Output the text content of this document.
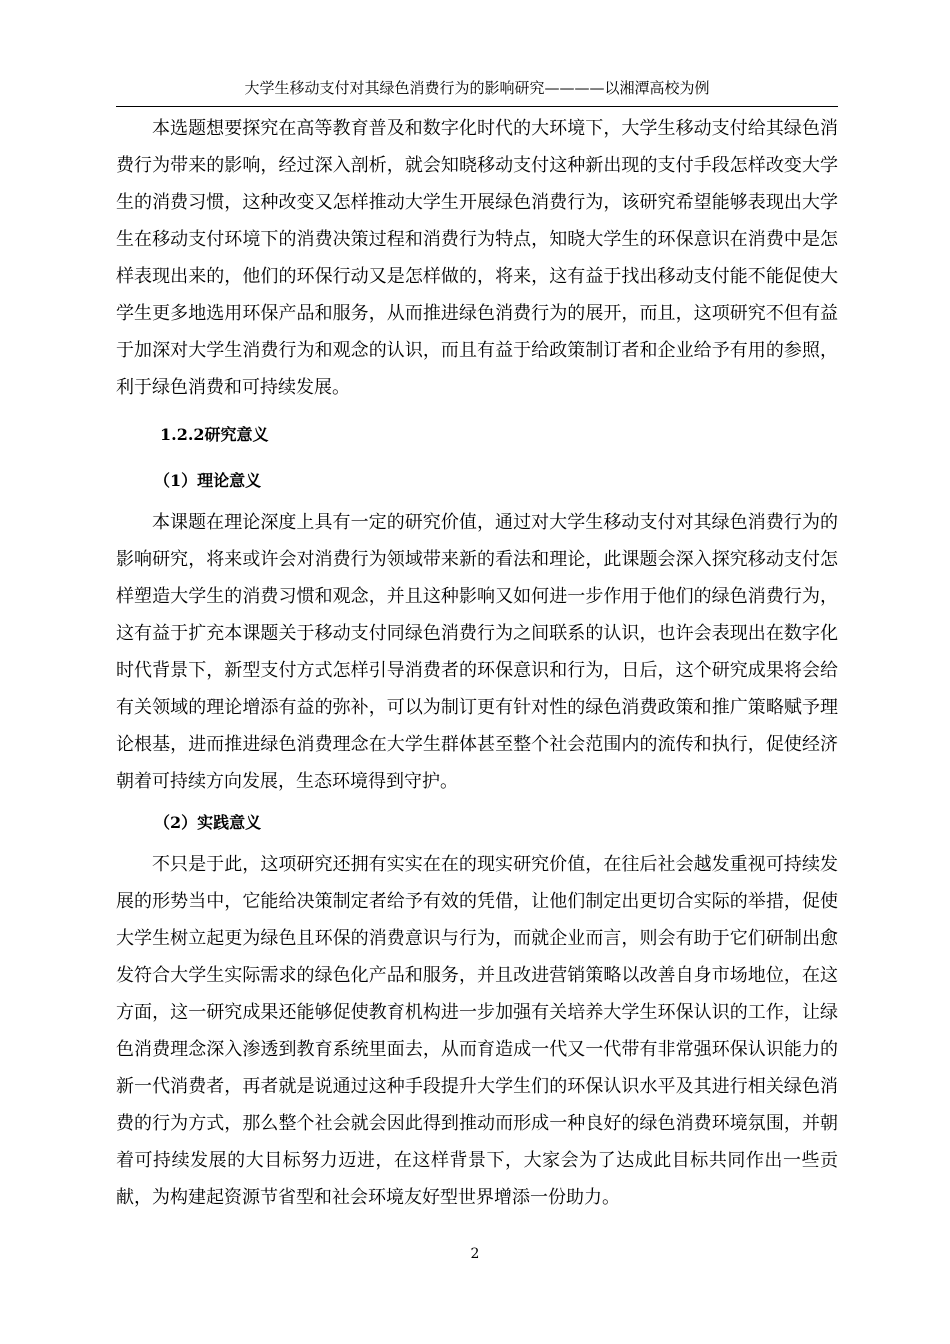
大学生移动支付对其绿色消费行为的影响研究————以湘潭高校为例

本选题想要探究在高等教育普及和数字化时代的大环境下，大学生移动支付给其绿色消费行为带来的影响，经过深入剖析，就会知晓移动支付这种新出现的支付手段怎样改变大学生的消费习惯，这种改变又怎样推动大学生开展绿色消费行为，该研究希望能够表现出大学生在移动支付环境下的消费决策过程和消费行为特点，知晓大学生的环保意识在消费中是怎样表现出来的，他们的环保行动又是怎样做的，将来，这有益于找出移动支付能不能促使大学生更多地选用环保产品和服务，从而推进绿色消费行为的展开，而且，这项研究不但有益于加深对大学生消费行为和观念的认识，而且有益于给政策制订者和企业给予有用的参照，利于绿色消费和可持续发展。

1.2.2研究意义

（1）理论意义

本课题在理论深度上具有一定的研究价值，通过对大学生移动支付对其绿色消费行为的影响研究，将来或许会对消费行为领域带来新的看法和理论，此课题会深入探究移动支付怎样塑造大学生的消费习惯和观念，并且这种影响又如何进一步作用于他们的绿色消费行为，这有益于扩充本课题关于移动支付同绿色消费行为之间联系的认识，也许会表现出在数字化时代背景下，新型支付方式怎样引导消费者的环保意识和行为，日后，这个研究成果将会给有关领域的理论增添有益的弥补，可以为制订更有针对性的绿色消费政策和推广策略赋予理论根基，进而推进绿色消费理念在大学生群体甚至整个社会范围内的流传和执行，促使经济朝着可持续方向发展，生态环境得到守护。

（2）实践意义

不只是于此，这项研究还拥有实实在在的现实研究价值，在往后社会越发重视可持续发展的形势当中，它能给决策制定者给予有效的凭借，让他们制定出更切合实际的举措，促使大学生树立起更为绿色且环保的消费意识与行为，而就企业而言，则会有助于它们研制出愈发符合大学生实际需求的绿色化产品和服务，并且改进营销策略以改善自身市场地位，在这方面，这一研究成果还能够促使教育机构进一步加强有关培养大学生环保认识的工作，让绿色消费理念深入渗透到教育系统里面去，从而育造成一代又一代带有非常强环保认识能力的新一代消费者，再者就是说通过这种手段提升大学生们的环保认识水平及其进行相关绿色消费的行为方式，那么整个社会就会因此得到推动而形成一种良好的绿色消费环境氛围，并朝着可持续发展的大目标努力迈进，在这样背景下，大家会为了达成此目标共同作出一些贡献，为构建起资源节省型和社会环境友好型世界增添一份助力。

2
